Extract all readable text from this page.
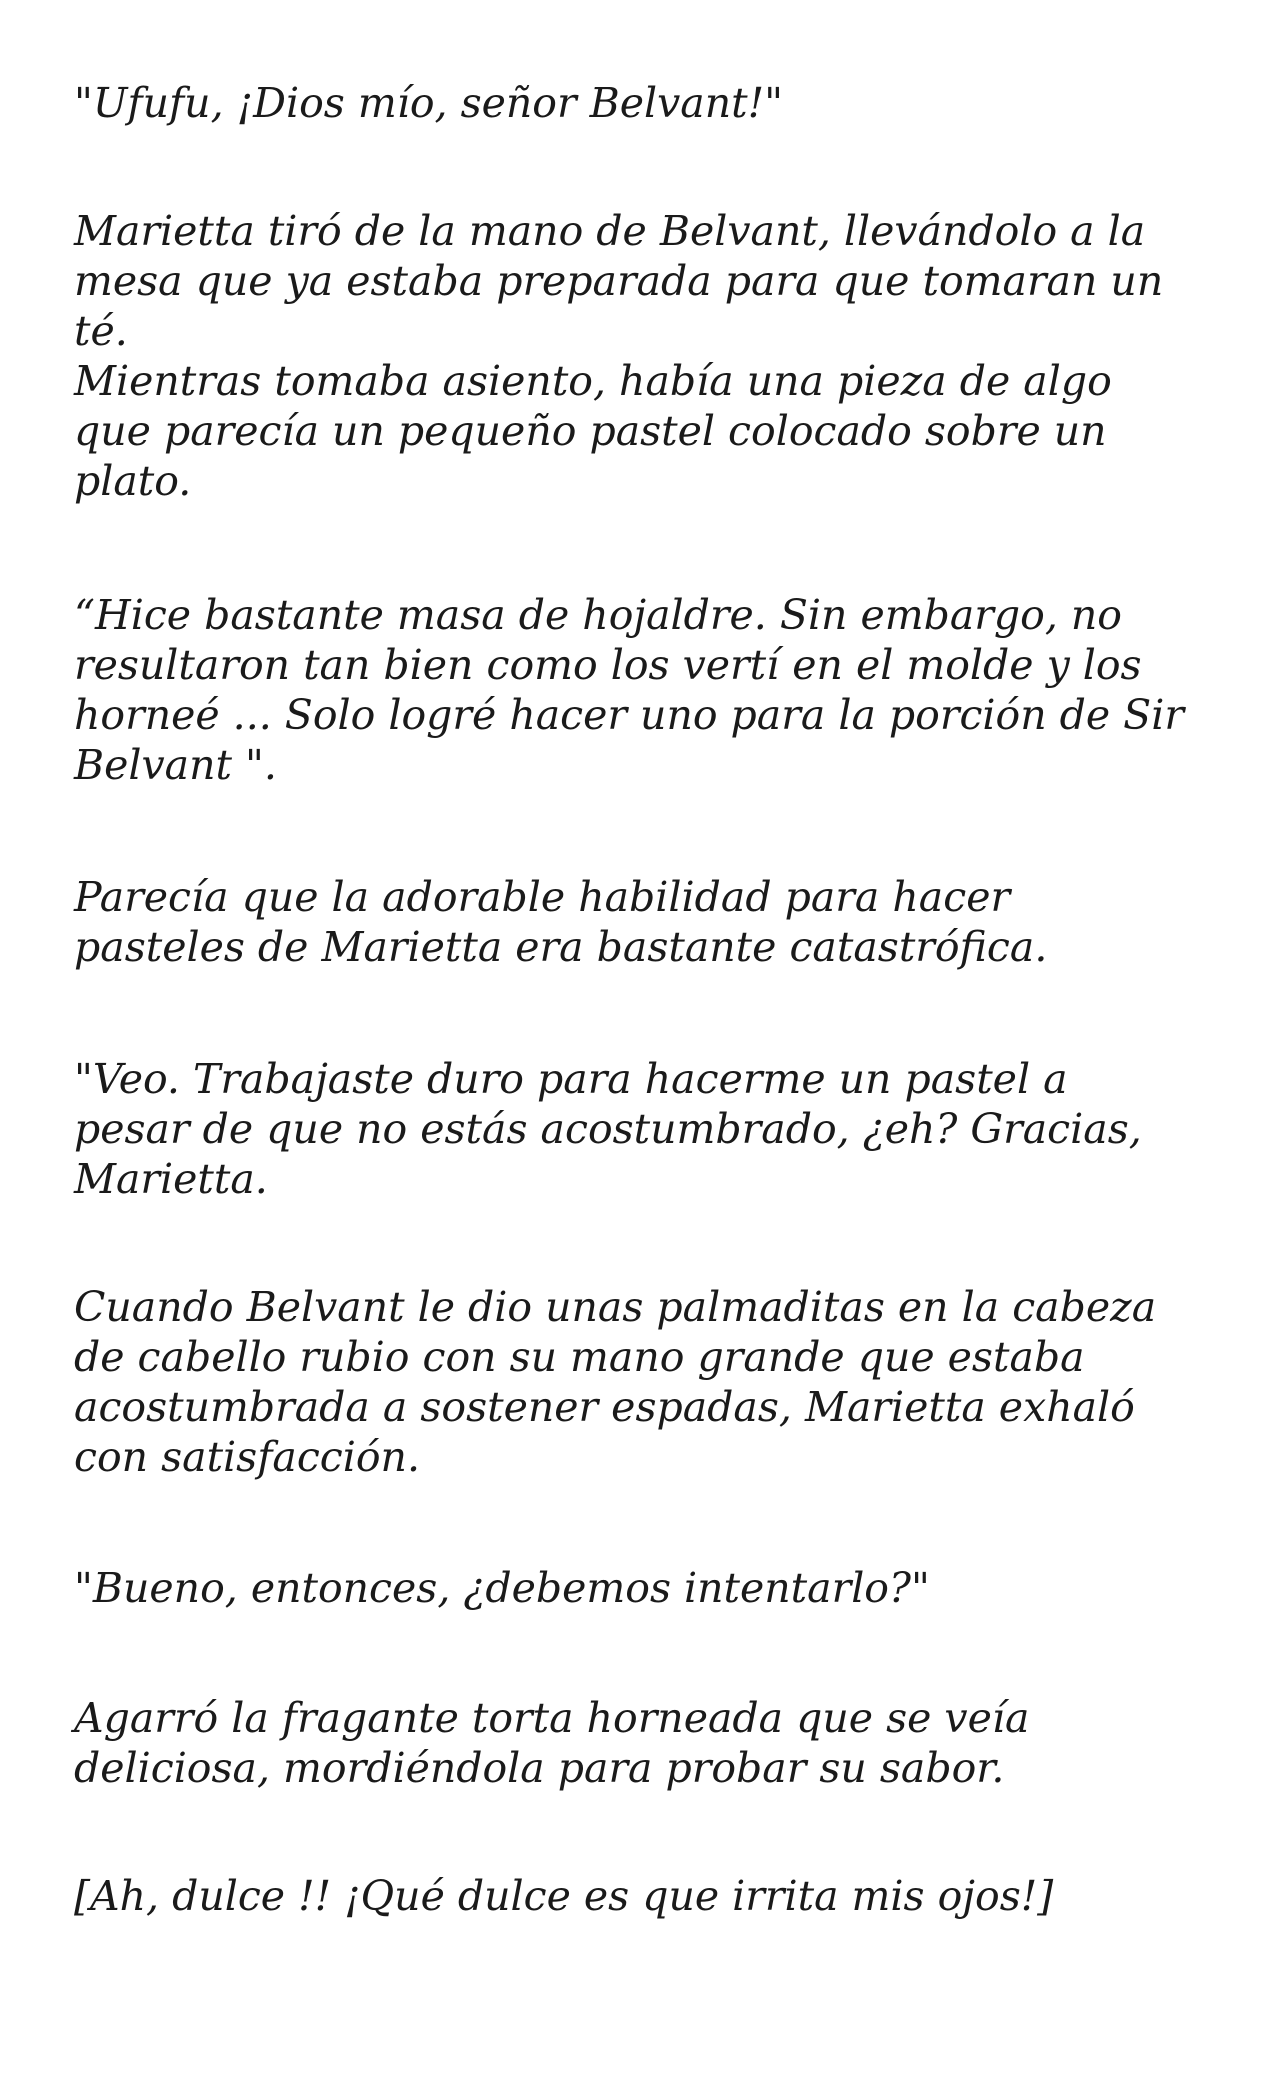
"Ufufu, ¡Dios mío, señor Belvant!"

Marietta tiró de la mano de Belvant, llevándolo a la
mesa que ya estaba preparada para que tomaran un
té.
Mientras tomaba asiento, había una pieza de algo
que parecía un pequeño pastel colocado sobre un
plato.

“Hice bastante masa de hojaldre. Sin embargo, no
resultaron tan bien como los vertí en el molde y los
horneé ... Solo logré hacer uno para la porción de Sir
Belvant ".

Parecía que la adorable habilidad para hacer
pasteles de Marietta era bastante catastrófica.

"Veo. Trabajaste duro para hacerme un pastel a
pesar de que no estás acostumbrado, ¿eh? Gracias,
Marietta.

Cuando Belvant le dio unas palmaditas en la cabeza
de cabello rubio con su mano grande que estaba
acostumbrada a sostener espadas, Marietta exhaló
con satisfacción.

"Bueno, entonces, ¿debemos intentarlo?"

Agarró la fragante torta horneada que se veía
deliciosa, mordiéndola para probar su sabor.

[Ah, dulce !! ¡Qué dulce es que irrita mis ojos!]
